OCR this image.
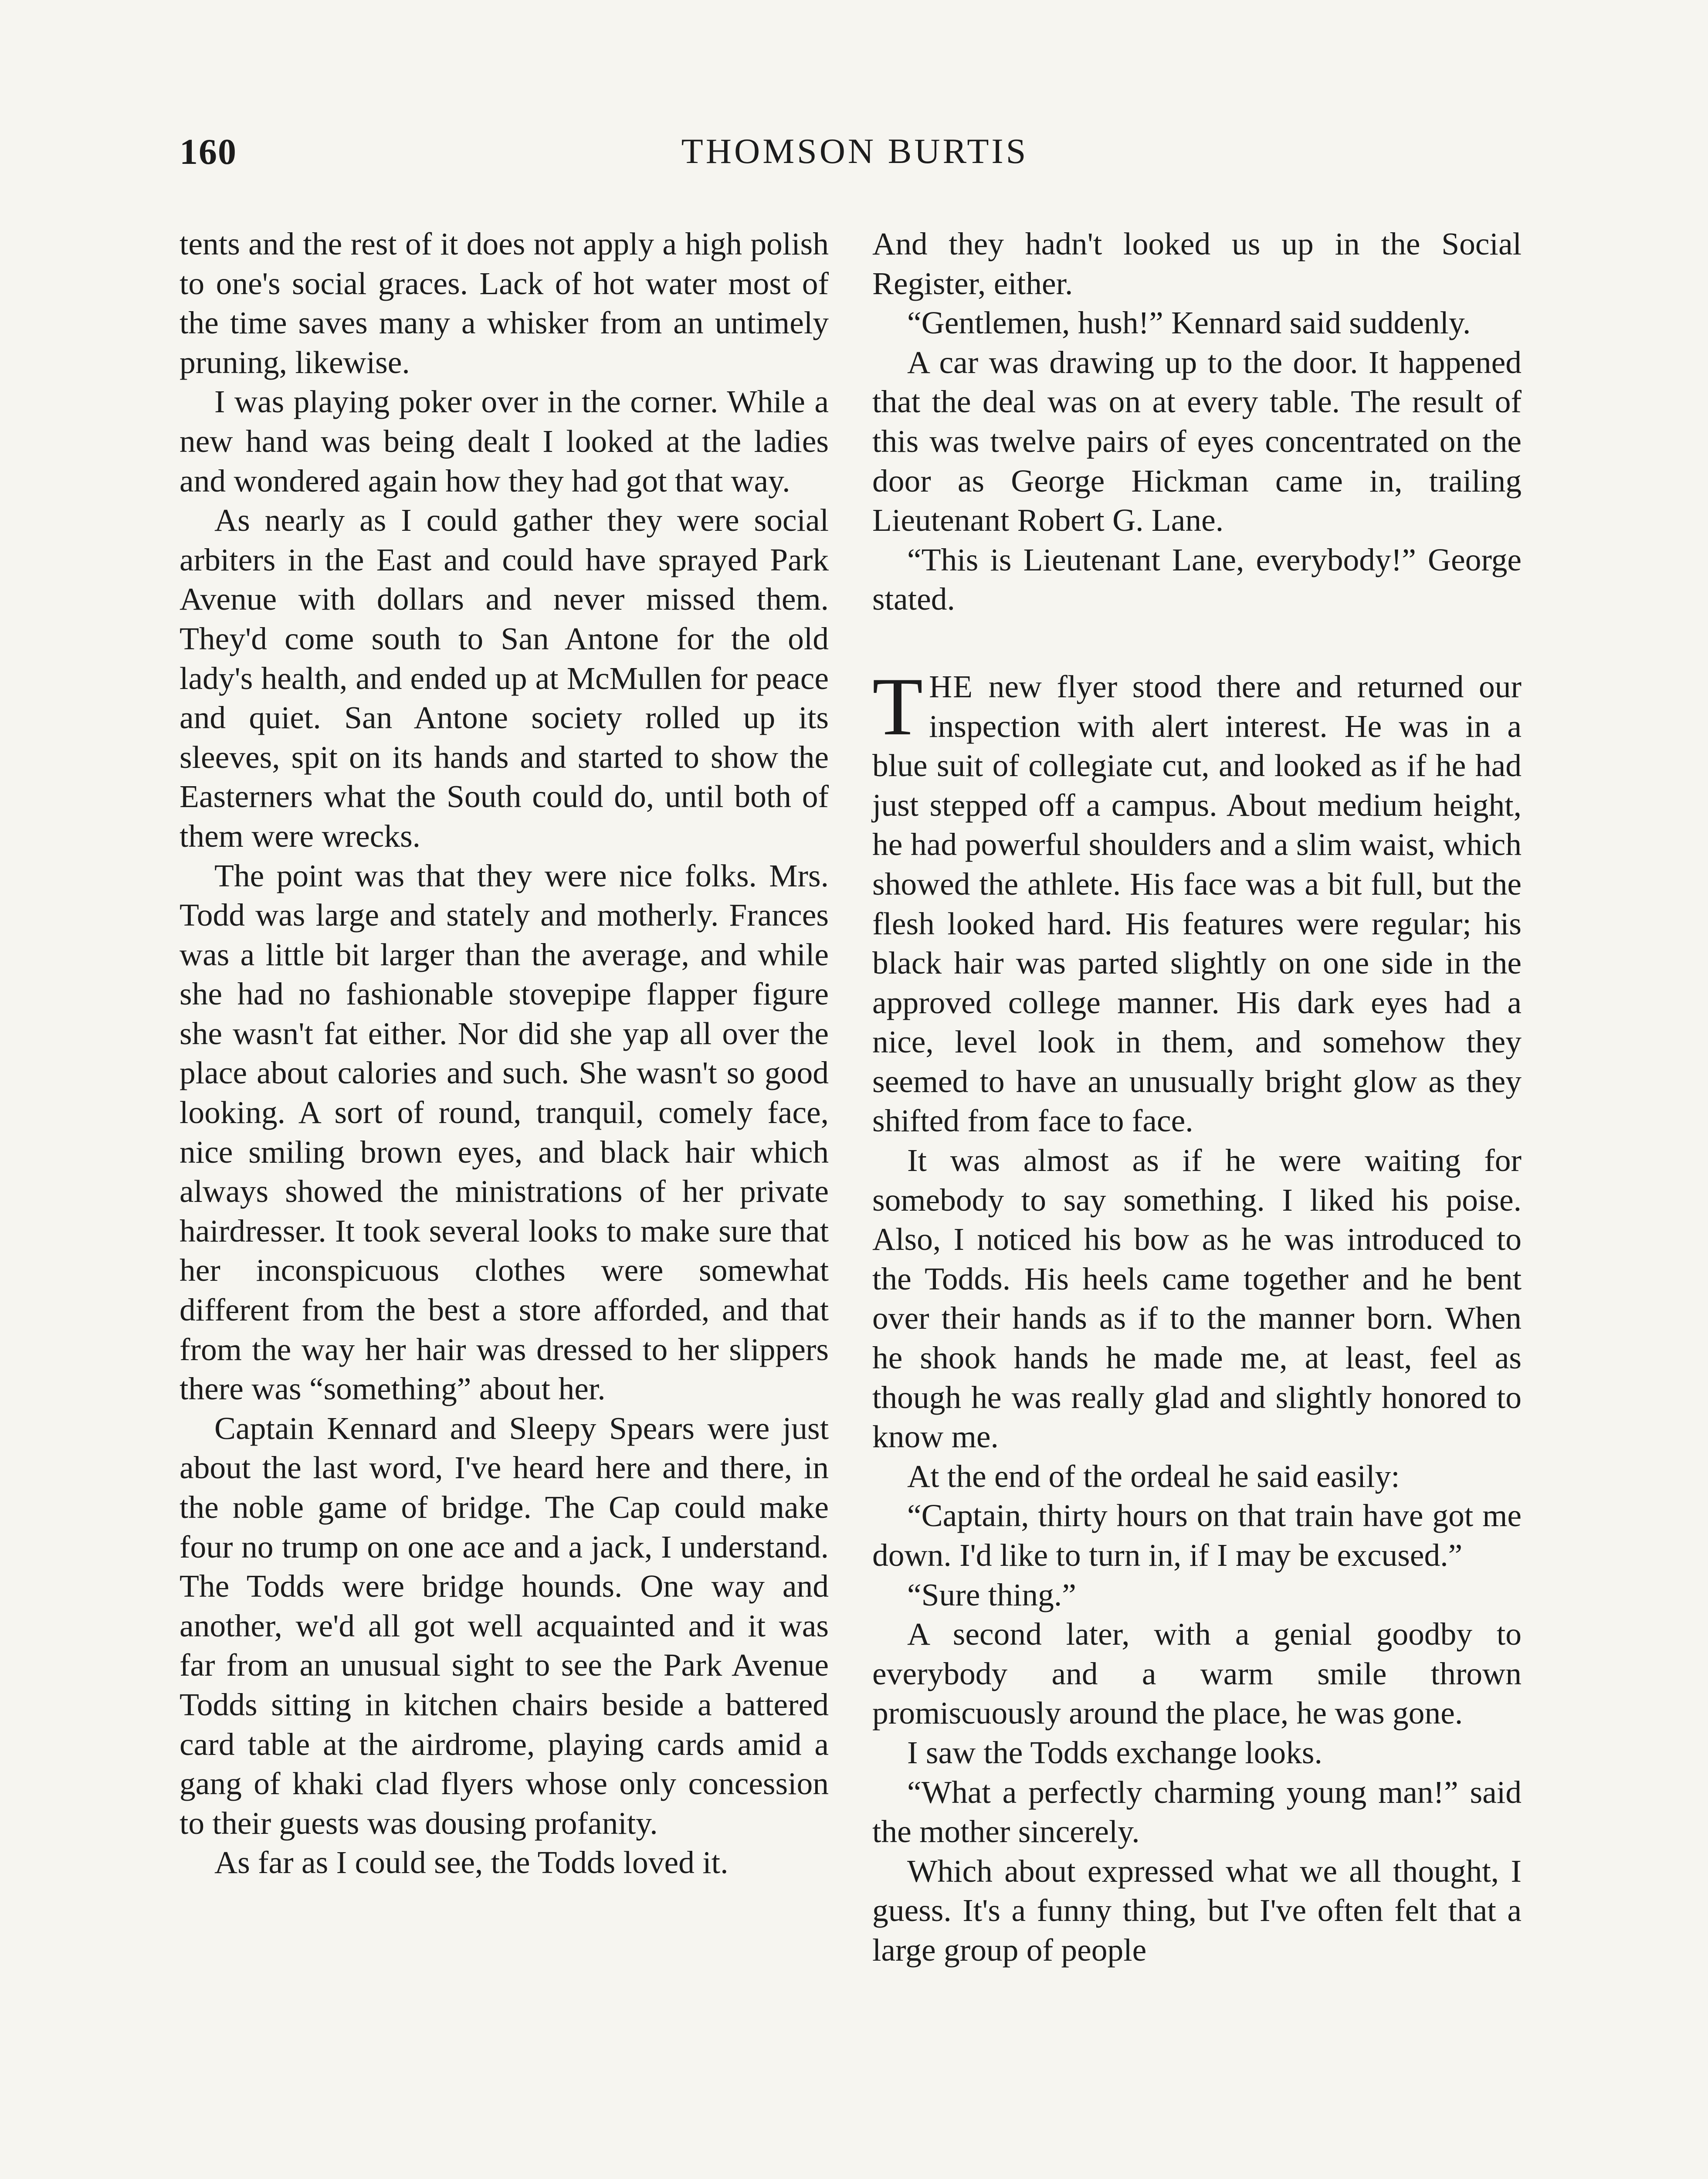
160	THOMSON BURTIS

tents and the rest of it does not apply a high polish to one's social graces. Lack of hot water most of the time saves many a whisker from an untimely pruning, likewise.

I was playing poker over in the corner. While a new hand was being dealt I looked at the ladies and wondered again how they had got that way.

As nearly as I could gather they were social arbiters in the East and could have sprayed Park Avenue with dollars and never missed them. They'd come south to San Antone for the old lady's health, and ended up at McMullen for peace and quiet. San Antone society rolled up its sleeves, spit on its hands and started to show the Easterners what the South could do, until both of them were wrecks.

The point was that they were nice folks. Mrs. Todd was large and stately and motherly. Frances was a little bit larger than the average, and while she had no fashionable stovepipe flapper figure she wasn't fat either. Nor did she yap all over the place about calories and such. She wasn't so good looking. A sort of round, tranquil, comely face, nice smiling brown eyes, and black hair which always showed the ministrations of her private hairdresser. It took several looks to make sure that her inconspicuous clothes were somewhat different from the best a store afforded, and that from the way her hair was dressed to her slippers there was “something” about her.

Captain Kennard and Sleepy Spears were just about the last word, I've heard here and there, in the noble game of bridge. The Cap could make four no trump on one ace and a jack, I understand. The Todds were bridge hounds. One way and another, we'd all got well acquainted and it was far from an unusual sight to see the Park Avenue Todds sitting in kitchen chairs beside a battered card table at the airdrome, playing cards amid a gang of khaki clad flyers whose only concession to their guests was dousing profanity.

As far as I could see, the Todds loved it.

And they hadn't looked us up in the Social Register, either.

“Gentlemen, hush!” Kennard said suddenly.

A car was drawing up to the door. It happened that the deal was on at every table. The result of this was twelve pairs of eyes concentrated on the door as George Hickman came in, trailing Lieutenant Robert G. Lane.

“This is Lieutenant Lane, everybody!” George stated.

THE new flyer stood there and returned our inspection with alert interest. He was in a blue suit of collegiate cut, and looked as if he had just stepped off a campus. About medium height, he had powerful shoulders and a slim waist, which showed the athlete. His face was a bit full, but the flesh looked hard. His features were regular; his black hair was parted slightly on one side in the approved college manner. His dark eyes had a nice, level look in them, and somehow they seemed to have an unusually bright glow as they shifted from face to face.

It was almost as if he were waiting for somebody to say something. I liked his poise. Also, I noticed his bow as he was introduced to the Todds. His heels came together and he bent over their hands as if to the manner born. When he shook hands he made me, at least, feel as though he was really glad and slightly honored to know me.

At the end of the ordeal he said easily:

“Captain, thirty hours on that train have got me down. I'd like to turn in, if I may be excused.”

“Sure thing.”

A second later, with a genial goodby to everybody and a warm smile thrown promiscuously around the place, he was gone.

I saw the Todds exchange looks.

“What a perfectly charming young man!” said the mother sincerely.

Which about expressed what we all thought, I guess. It's a funny thing, but I've often felt that a large group of people
